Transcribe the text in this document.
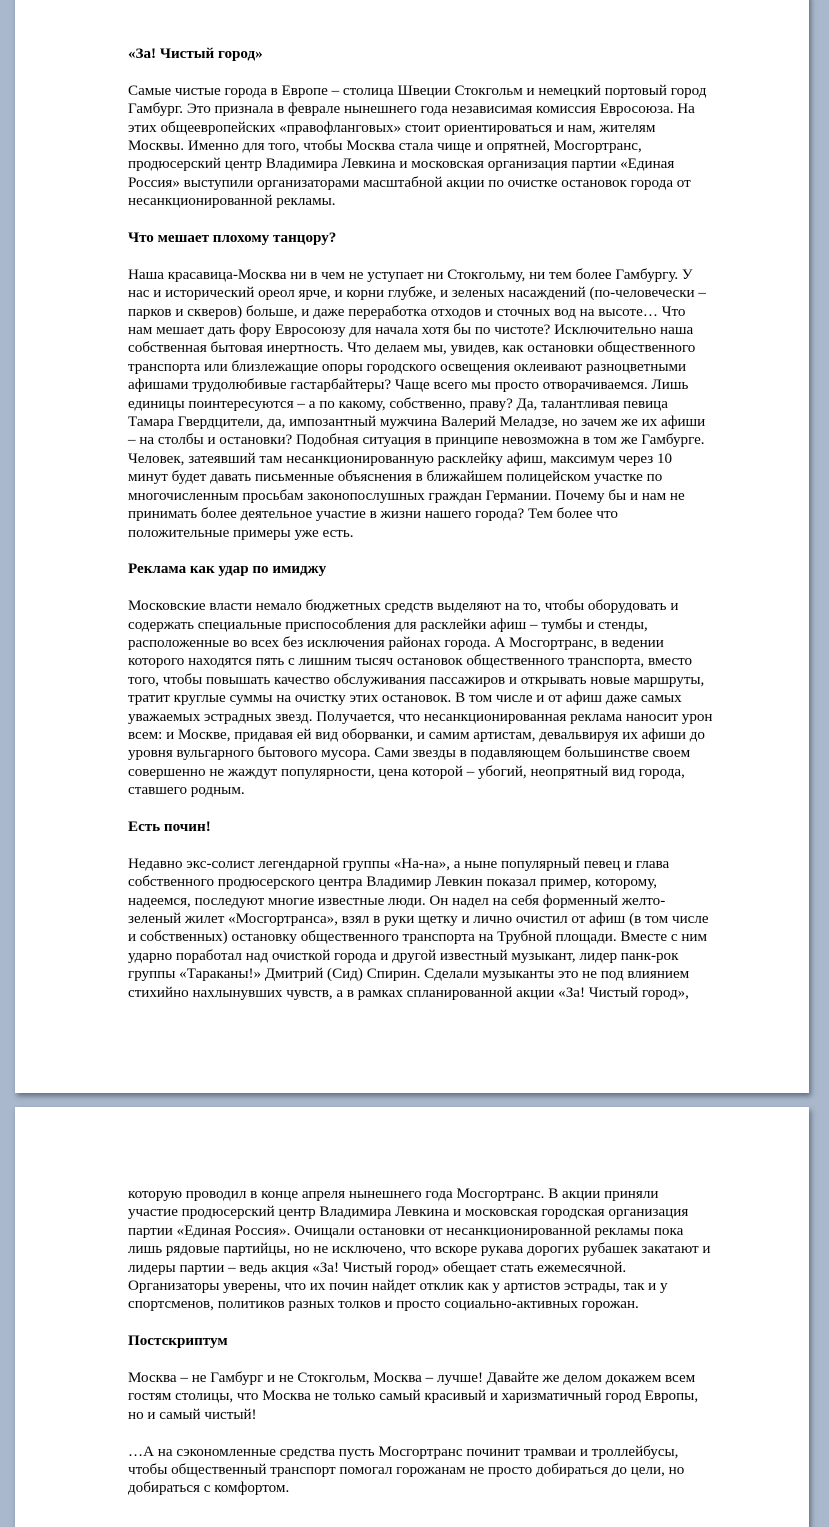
«За! Чистый город»
Самые чистые города в Европе – столица Швеции Стокгольм и немецкий портовый городГамбург. Это признала в феврале нынешнего года независимая комиссия Евросоюза. Наэтих общеевропейских «правофланговых» стоит ориентироваться и нам, жителямМосквы. Именно для того, чтобы Москва стала чище и опрятней, Мосгортранс,продюсерский центр Владимира Левкина и московская организация партии «ЕдинаяРоссия» выступили организаторами масштабной акции по очистке остановок города отнесанкционированной рекламы.
Что мешает плохому танцору?
Наша красавица-Москва ни в чем не уступает ни Стокгольму, ни тем более Гамбургу. Унас и исторический ореол ярче, и корни глубже, и зеленых насаждений (по-человечески –парков и скверов) больше, и даже переработка отходов и сточных вод на высоте… Чтонам мешает дать фору Евросоюзу для начала хотя бы по чистоте? Исключительно нашасобственная бытовая инертность. Что делаем мы, увидев, как остановки общественноготранспорта или близлежащие опоры городского освещения оклеивают разноцветнымиафишами трудолюбивые гастарбайтеры? Чаще всего мы просто отворачиваемся. Лишьединицы поинтересуются – а по какому, собственно, праву? Да, талантливая певицаТамара Гвердцители, да, импозантный мужчина Валерий Меладзе, но зачем же их афиши– на столбы и остановки? Подобная ситуация в принципе невозможна в том же Гамбурге.Человек, затеявший там несанкционированную расклейку афиш, максимум через 10минут будет давать письменные объяснения в ближайшем полицейском участке помногочисленным просьбам законопослушных граждан Германии. Почему бы и нам непринимать более деятельное участие в жизни нашего города? Тем более чтоположительные примеры уже есть.
Реклама как удар по имиджу
Московские власти немало бюджетных средств выделяют на то, чтобы оборудовать исодержать специальные приспособления для расклейки афиш – тумбы и стенды,расположенные во всех без исключения районах города. А Мосгортранс, в ведениикоторого находятся пять с лишним тысяч остановок общественного транспорта, вместотого, чтобы повышать качество обслуживания пассажиров и открывать новые маршруты,тратит круглые суммы на очистку этих остановок. В том числе и от афиш даже самыхуважаемых эстрадных звезд. Получается, что несанкционированная реклама наносит уронвсем: и Москве, придавая ей вид оборванки, и самим артистам, девальвируя их афиши доуровня вульгарного бытового мусора. Сами звезды в подавляющем большинстве своемсовершенно не жаждут популярности, цена которой – убогий, неопрятный вид города,ставшего родным.
Есть почин!
Недавно экс-солист легендарной группы «На-на», а ныне популярный певец и главасобственного продюсерского центра Владимир Левкин показал пример, которому,надеемся, последуют многие известные люди. Он надел на себя форменный желто-зеленый жилет «Мосгортранса», взял в руки щетку и лично очистил от афиш (в том числеи собственных) остановку общественного транспорта на Трубной площади. Вместе с нимударно поработал над очисткой города и другой известный музыкант, лидер панк-рокгруппы «Тараканы!» Дмитрий (Сид) Спирин. Сделали музыканты это не под влияниемстихийно нахлынувших чувств, а в рамках спланированной акции «За! Чистый город»,
которую проводил в конце апреля нынешнего года Мосгортранс. В акции принялиучастие продюсерский центр Владимира Левкина и московская городская организацияпартии «Единая Россия». Очищали остановки от несанкционированной рекламы покалишь рядовые партийцы, но не исключено, что вскоре рукава дорогих рубашек закатают илидеры партии – ведь акция «За! Чистый город» обещает стать ежемесячной.Организаторы уверены, что их почин найдет отклик как у артистов эстрады, так и успортсменов, политиков разных толков и просто социально-активных горожан.
Постскриптум
Москва – не Гамбург и не Стокгольм, Москва – лучше! Давайте же делом докажем всемгостям столицы, что Москва не только самый красивый и харизматичный город Европы,но и самый чистый!
…А на сэкономленные средства пусть Мосгортранс починит трамваи и троллейбусы,чтобы общественный транспорт помогал горожанам не просто добираться до цели, нодобираться с комфортом.
